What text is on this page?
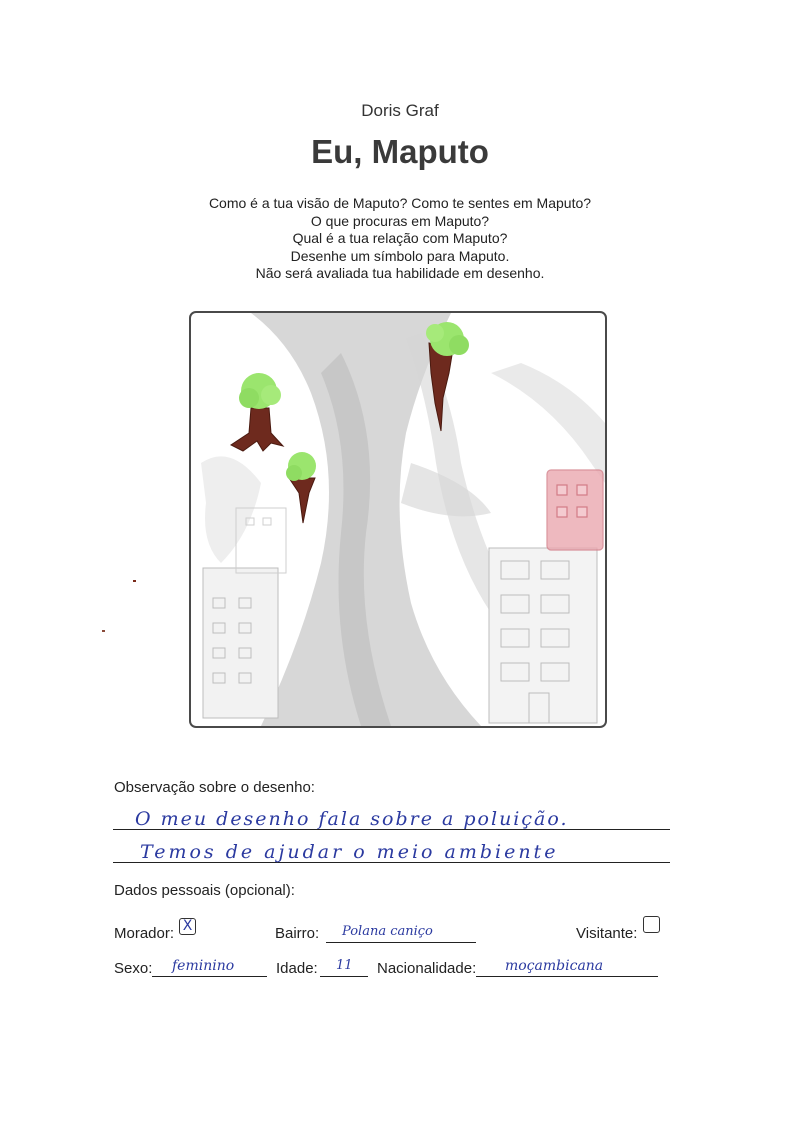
Doris Graf
Eu, Maputo
Como é a tua visão de Maputo? Como te sentes em Maputo?
O que procuras em Maputo?
Qual é a tua relação com Maputo?
Desenhe um símbolo para Maputo.
Não será avaliada tua habilidade em desenho.
Observação sobre o desenho:
O meu desenho fala sobre a poluição.
Temos de ajudar o meio ambiente
Dados pessoais (opcional):
Morador: X	Bairro: Polana caniço	Visitante:
Sexo: feminino	Idade: 11 Nacionalidade: moçambicana
